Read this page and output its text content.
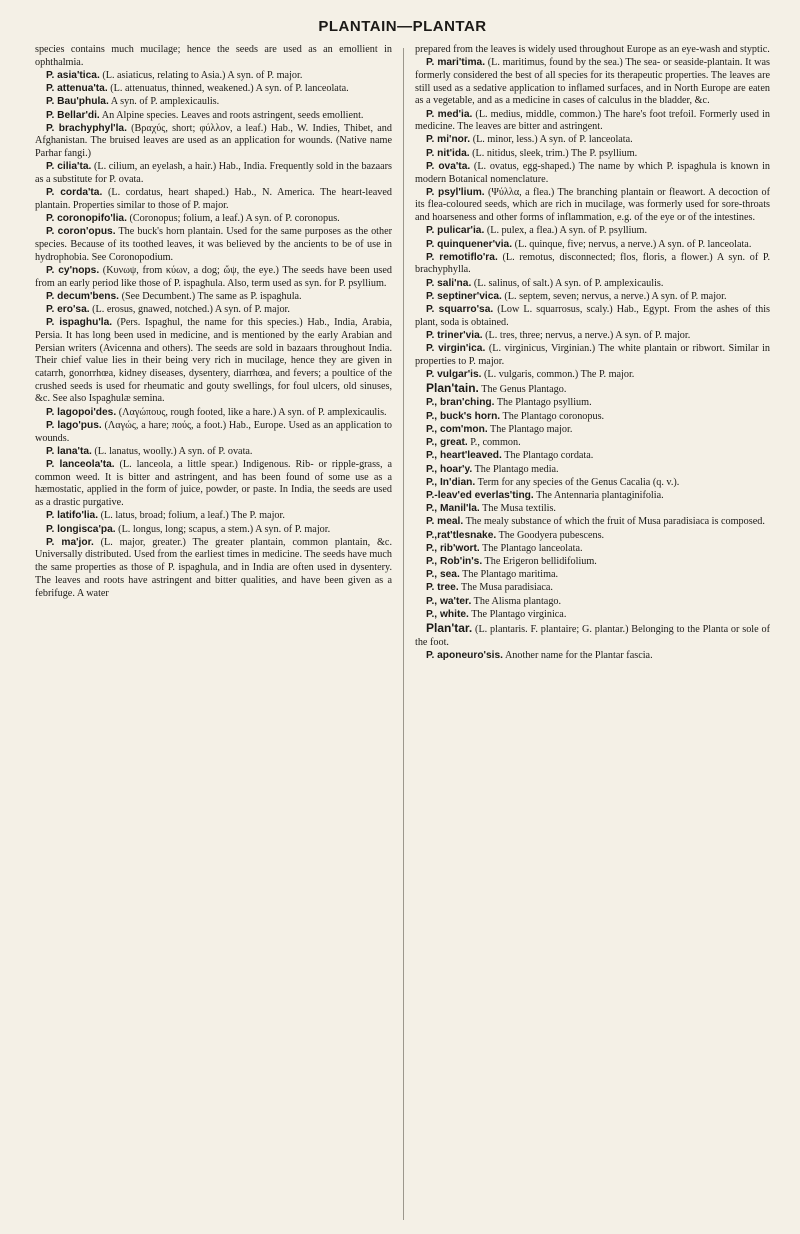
PLANTAIN—PLANTAR

species contains much mucilage; hence the seeds are used as an emollient in ophthalmia.

P. asia'tica. (L. asiaticus, relating to Asia.) A syn. of P. major.

P. attenua'ta. (L. attenuatus, thinned, weakened.) A syn. of P. lanceolata.

P. Bau'phula. A syn. of P. amplexicaulis.

P. Bellar'di. An Alpine species. Leaves and roots astringent, seeds emollient.

P. brachyphyl'la. (Βραχύς, short; φύλλον, a leaf.) Hab., W. Indies, Thibet, and Afghanistan. The bruised leaves are used as an application for wounds. (Native name Parhar fangi.)

P. cilia'ta. (L. cilium, an eyelash, a hair.) Hab., India. Frequently sold in the bazaars as a substitute for P. ovata.

P. corda'ta. (L. cordatus, heart shaped.) Hab., N. America. The heart-leaved plantain. Properties similar to those of P. major.

P. coronopifo'lia. (Coronopus; folium, a leaf.) A syn. of P. coronopus.

P. coron'opus. The buck's horn plantain. Used for the same purposes as the other species. Because of its toothed leaves, it was believed by the ancients to be of use in hydrophobia. See Coronopodium.

P. cy'nops. (Κυνωψ, from κύων, a dog; ὤψ, the eye.) The seeds have been used from an early period like those of P. ispaghula. Also, term used as syn. for P. psyllium.

P. decum'bens. (See Decumbent.) The same as P. ispaghula.

P. ero'sa. (L. erosus, gnawed, notched.) A syn. of P. major.

P. ispaghu'la. (Pers. Ispaghul, the name for this species.) Hab., India, Arabia, Persia. It has long been used in medicine, and is mentioned by the early Arabian and Persian writers (Avicenna and others). The seeds are sold in bazaars throughout India. Their chief value lies in their being very rich in mucilage, hence they are given in catarrh, gonorrhœa, kidney diseases, dysentery, diarrhœa, and fevers; a poultice of the crushed seeds is used for rheumatic and gouty swellings, for foul ulcers, old sinuses, &c. See also Ispaghulæ semina.

P. lagopoi'des. (Λαγώπους, rough footed, like a hare.) A syn. of P. amplexicaulis.

P. lago'pus. (Λαγώς, a hare; πούς, a foot.) Hab., Europe. Used as an application to wounds.

P. lana'ta. (L. lanatus, woolly.) A syn. of P. ovata.

P. lanceola'ta. (L. lanceola, a little spear.) Indigenous. Rib- or ripple-grass, a common weed. It is bitter and astringent, and has been found of some use as a hæmostatic, applied in the form of juice, powder, or paste. In India, the seeds are used as a drastic purgative.

P. latifo'lia. (L. latus, broad; folium, a leaf.) The P. major.

P. longisca'pa. (L. longus, long; scapus, a stem.) A syn. of P. major.

P. ma'jor. (L. major, greater.) The greater plantain, common plantain, &c. Universally distributed. Used from the earliest times in medicine. The seeds have much the same properties as those of P. ispaghula, and in India are often used in dysentery. The leaves and roots have astringent and bitter qualities, and have been given as a febrifuge. A water

prepared from the leaves is widely used throughout Europe as an eye-wash and styptic.

P. mari'tima. (L. maritimus, found by the sea.) The sea- or seaside-plantain. It was formerly considered the best of all species for its therapeutic properties. The leaves are still used as a sedative application to inflamed surfaces, and in North Europe are eaten as a vegetable, and as a medicine in cases of calculus in the bladder, &c.

P. med'ia. (L. medius, middle, common.) The hare's foot trefoil. Formerly used in medicine. The leaves are bitter and astringent.

P. mi'nor. (L. minor, less.) A syn. of P. lanceolata.

P. nit'ida. (L. nitidus, sleek, trim.) The P. psyllium.

P. ova'ta. (L. ovatus, egg-shaped.) The name by which P. ispaghula is known in modern Botanical nomenclature.

P. psyl'lium. (Ψύλλα, a flea.) The branching plantain or fleawort. A decoction of its flea-coloured seeds, which are rich in mucilage, was formerly used for sore-throats and hoarseness and other forms of inflammation, e.g. of the eye or of the intestines.

P. pulicar'ia. (L. pulex, a flea.) A syn. of P. psyllium.

P. quinquener'via. (L. quinque, five; nervus, a nerve.) A syn. of P. lanceolata.

P. remotiflo'ra. (L. remotus, disconnected; flos, floris, a flower.) A syn. of P. brachyphylla.

P. sali'na. (L. salinus, of salt.) A syn. of P. amplexicaulis.

P. septiner'vica. (L. septem, seven; nervus, a nerve.) A syn. of P. major.

P. squarro'sa. (Low L. squarrosus, scaly.) Hab., Egypt. From the ashes of this plant, soda is obtained.

P. triner'via. (L. tres, three; nervus, a nerve.) A syn. of P. major.

P. virgin'ica. (L. virginicus, Virginian.) The white plantain or ribwort. Similar in properties to P. major.

P. vulgar'is. (L. vulgaris, common.) The P. major.

Plan'tain. The Genus Plantago.

P., bran'ching. The Plantago psyllium.

P., buck's horn. The Plantago coronopus.

P., com'mon. The Plantago major.

P., great. P., common.

P., heart'leaved. The Plantago cordata.

P., hoar'y. The Plantago media.

P., In'dian. Term for any species of the Genus Cacalia (q. v.).

P.-leav'ed everlas'ting. The Antennaria plantaginifolia.

P., Manil'la. The Musa textilis.

P. meal. The mealy substance of which the fruit of Musa paradisiaca is composed.

P.,rat'tlesnake. The Goodyera pubescens.

P., rib'wort. The Plantago lanceolata.

P., Rob'in's. The Erigeron bellidifolium.

P., sea. The Plantago maritima.

P. tree. The Musa paradisiaca.

P., wa'ter. The Alisma plantago.

P., white. The Plantago virginica.

Plan'tar. (L. plantaris. F. plantaire; G. plantar.) Belonging to the Planta or sole of the foot.

P. aponeuro'sis. Another name for the Plantar fascia.
